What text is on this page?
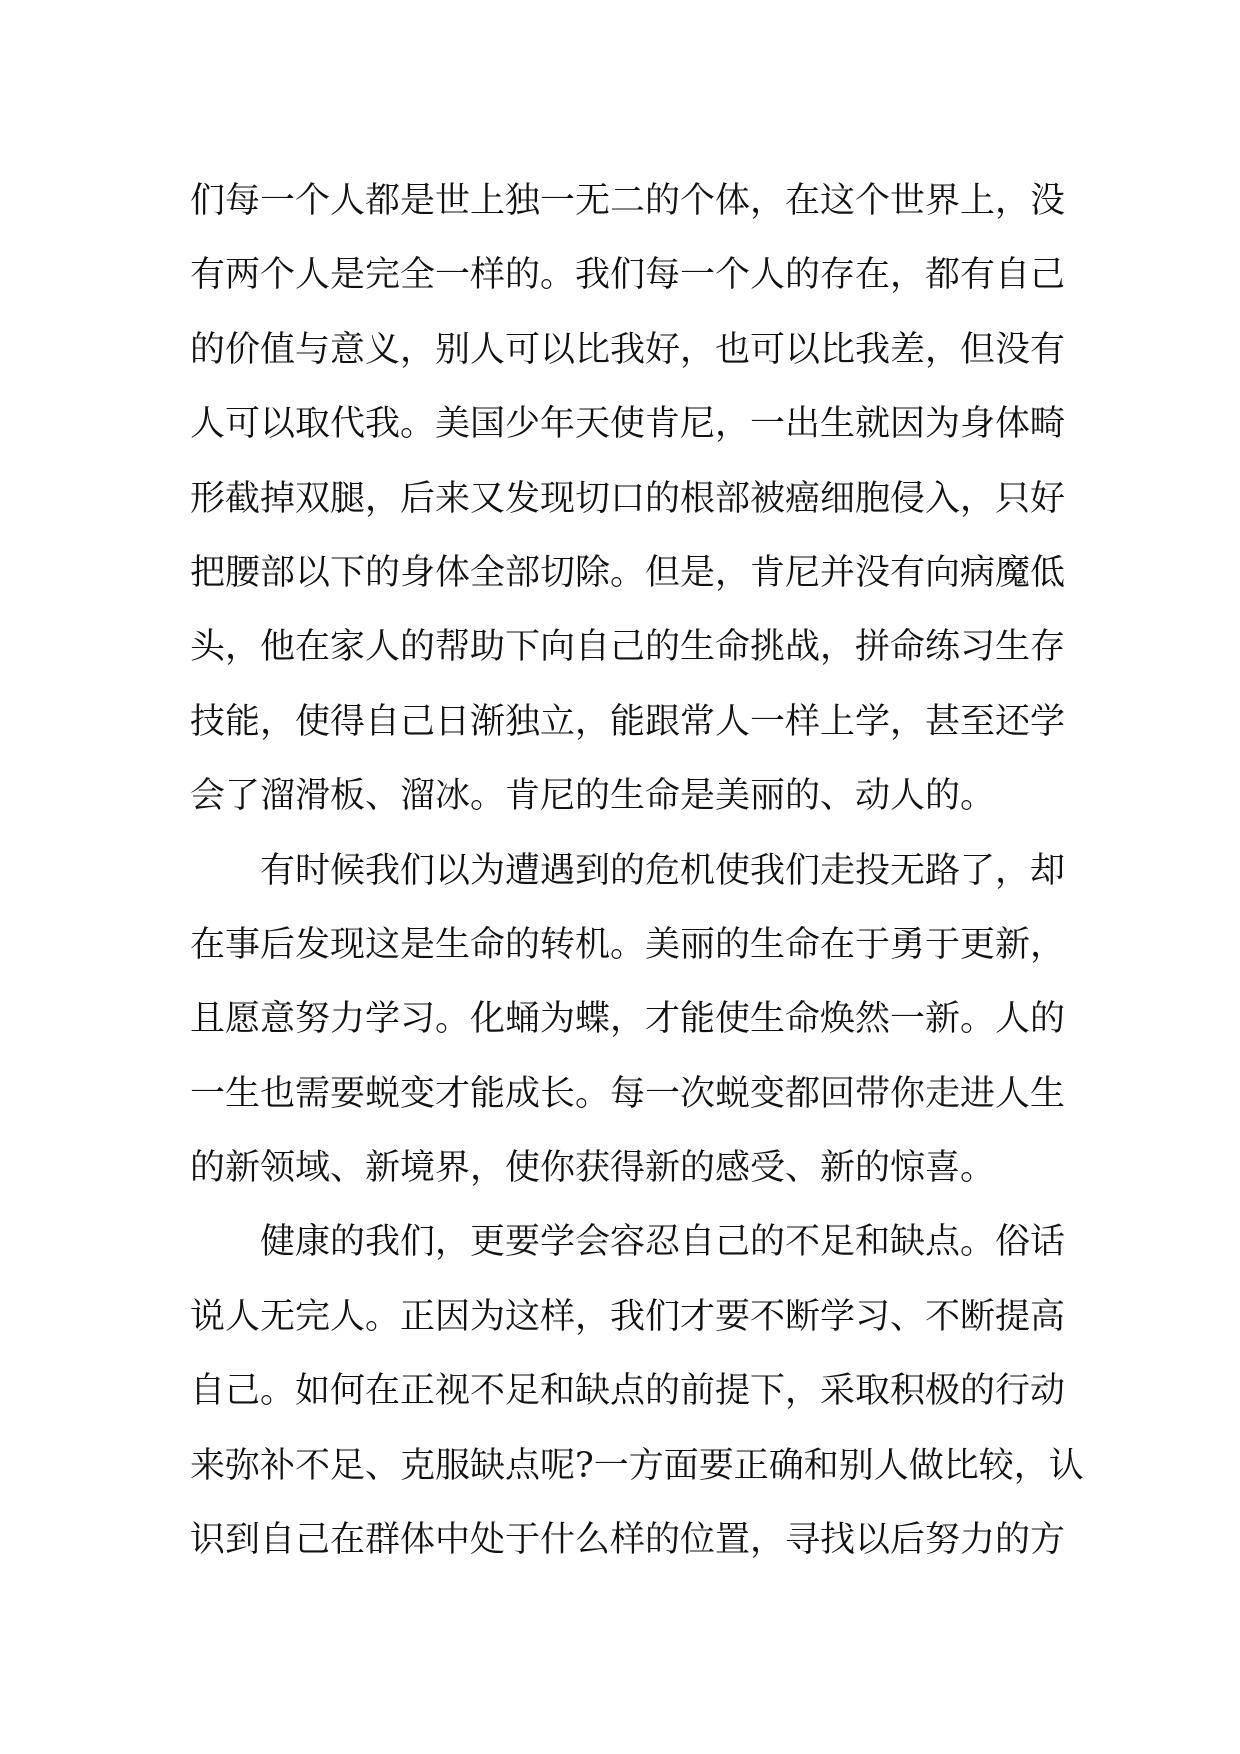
们每一个人都是世上独一无二的个体，在这个世界上，没
有两个人是完全一样的。我们每一个人的存在，都有自己
的价值与意义，别人可以比我好，也可以比我差，但没有
人可以取代我。美国少年天使肯尼，一出生就因为身体畸
形截掉双腿，后来又发现切口的根部被癌细胞侵入，只好
把腰部以下的身体全部切除。但是，肯尼并没有向病魔低
头，他在家人的帮助下向自己的生命挑战，拼命练习生存
技能，使得自己日渐独立，能跟常人一样上学，甚至还学
会了溜滑板、溜冰。肯尼的生命是美丽的、动人的。
有时候我们以为遭遇到的危机使我们走投无路了，却
在事后发现这是生命的转机。美丽的生命在于勇于更新，
且愿意努力学习。化蛹为蝶，才能使生命焕然一新。人的
一生也需要蜕变才能成长。每一次蜕变都回带你走进人生
的新领域、新境界，使你获得新的感受、新的惊喜。
健康的我们，更要学会容忍自己的不足和缺点。俗话
说人无完人。正因为这样，我们才要不断学习、不断提高
自己。如何在正视不足和缺点的前提下，采取积极的行动
来弥补不足、克服缺点呢?一方面要正确和别人做比较，认
识到自己在群体中处于什么样的位置，寻找以后努力的方
